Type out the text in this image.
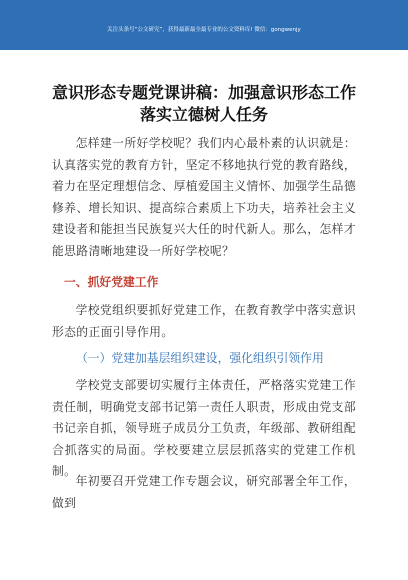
关注头条号“公文研究”，获得最新最全最专业的公文资料库! 微信：gongwenjy
意识形态专题党课讲稿：加强意识形态工作落实立德树人任务

怎样建一所好学校呢？我们内心最朴素的认识就是：认真落实党的教育方针，坚定不移地执行党的教育路线，着力在坚定理想信念、厚植爱国主义情怀、加强学生品德修养、增长知识、提高综合素质上下功夫，培养社会主义建设者和能担当民族复兴大任的时代新人。那么，怎样才能思路清晰地建设一所好学校呢？

一、抓好党建工作

学校党组织要抓好党建工作，在教育教学中落实意识形态的正面引导作用。

（一）党建加基层组织建设，强化组织引领作用

学校党支部要切实履行主体责任，严格落实党建工作责任制，明确党支部书记第一责任人职责，形成由党支部书记亲自抓，领导班子成员分工负责，年级部、教研组配合抓落实的局面。学校要建立层层抓落实的党建工作机制。

年初要召开党建工作专题会议，研究部署全年工作，做到
